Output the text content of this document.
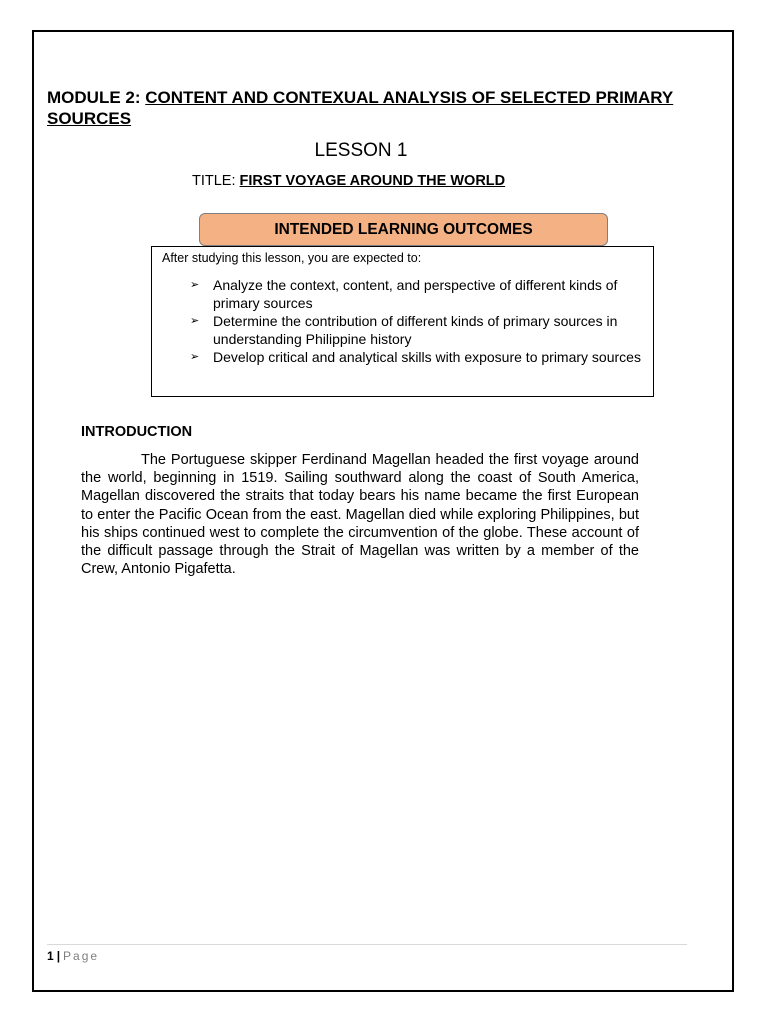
MODULE 2: CONTENT AND CONTEXUAL ANALYSIS OF SELECTED PRIMARY SOURCES
LESSON 1
TITLE: FIRST VOYAGE AROUND THE WORLD
INTENDED LEARNING OUTCOMES
After studying this lesson, you are expected to:
➢ Analyze the context, content, and perspective of different kinds of primary sources
➢ Determine the contribution of different kinds of primary sources in understanding Philippine history
➢ Develop critical and analytical skills with exposure to primary sources
INTRODUCTION

The Portuguese skipper Ferdinand Magellan headed the first voyage around the world, beginning in 1519. Sailing southward along the coast of South America, Magellan discovered the straits that today bears his name became the first European to enter the Pacific Ocean from the east. Magellan died while exploring Philippines, but his ships continued west to complete the circumvention of the globe. These account of the difficult passage through the Strait of Magellan was written by a member of the Crew, Antonio Pigafetta.

1 | Page
